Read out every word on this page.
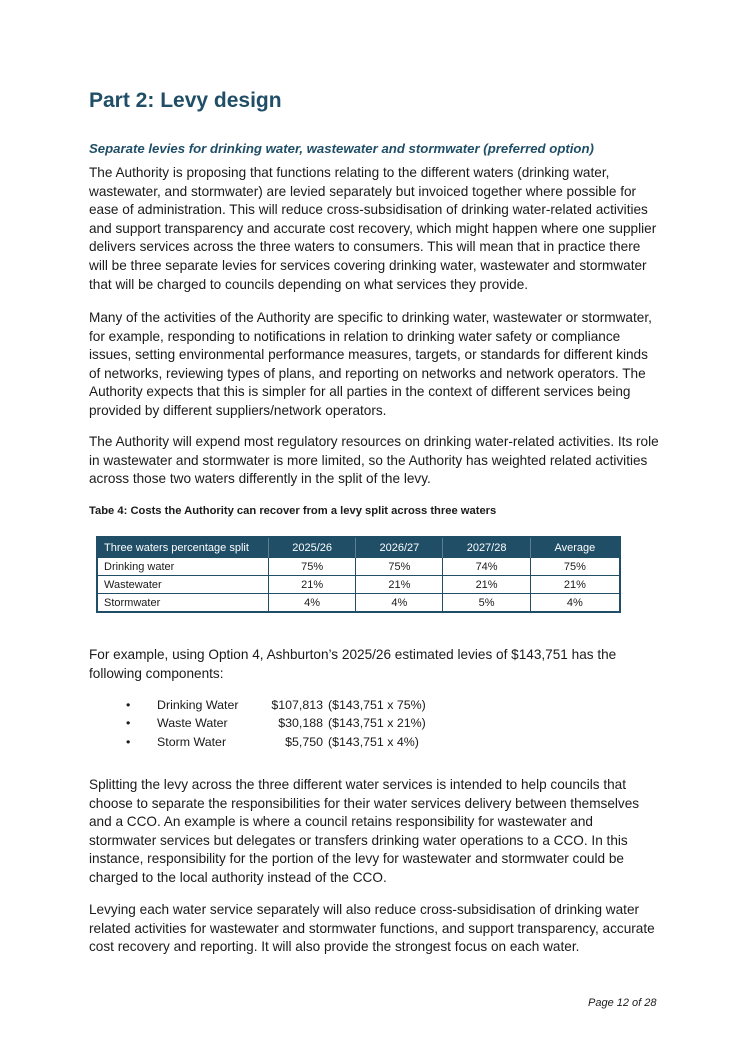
Part 2: Levy design
Separate levies for drinking water, wastewater and stormwater (preferred option)

The Authority is proposing that functions relating to the different waters (drinking water, wastewater, and stormwater) are levied separately but invoiced together where possible for ease of administration. This will reduce cross-subsidisation of drinking water-related activities and support transparency and accurate cost recovery, which might happen where one supplier delivers services across the three waters to consumers. This will mean that in practice there will be three separate levies for services covering drinking water, wastewater and stormwater that will be charged to councils depending on what services they provide.

Many of the activities of the Authority are specific to drinking water, wastewater or stormwater, for example, responding to notifications in relation to drinking water safety or compliance issues, setting environmental performance measures, targets, or standards for different kinds of networks, reviewing types of plans, and reporting on networks and network operators. The Authority expects that this is simpler for all parties in the context of different services being provided by different suppliers/network operators.

The Authority will expend most regulatory resources on drinking water-related activities. Its role in wastewater and stormwater is more limited, so the Authority has weighted related activities across those two waters differently in the split of the levy.

Tabe 4: Costs the Authority can recover from a levy split across three waters

Three waters percentage split	2025/26	2026/27	2027/28	Average
Drinking water	75%	75%	74%	75%
Wastewater	21%	21%	21%	21%
Stormwater	4%	4%	5%	4%

For example, using Option 4, Ashburton’s 2025/26 estimated levies of $143,751 has the following components:

•	Drinking Water	$107,813 ($143,751 x 75%)
•	Waste Water	$30,188 ($143,751 x 21%)
•	Storm Water	$5,750 ($143,751 x 4%)

Splitting the levy across the three different water services is intended to help councils that choose to separate the responsibilities for their water services delivery between themselves and a CCO. An example is where a council retains responsibility for wastewater and stormwater services but delegates or transfers drinking water operations to a CCO. In this instance, responsibility for the portion of the levy for wastewater and stormwater could be charged to the local authority instead of the CCO.

Levying each water service separately will also reduce cross-subsidisation of drinking water related activities for wastewater and stormwater functions, and support transparency, accurate cost recovery and reporting. It will also provide the strongest focus on each water.

Page 12 of 28
